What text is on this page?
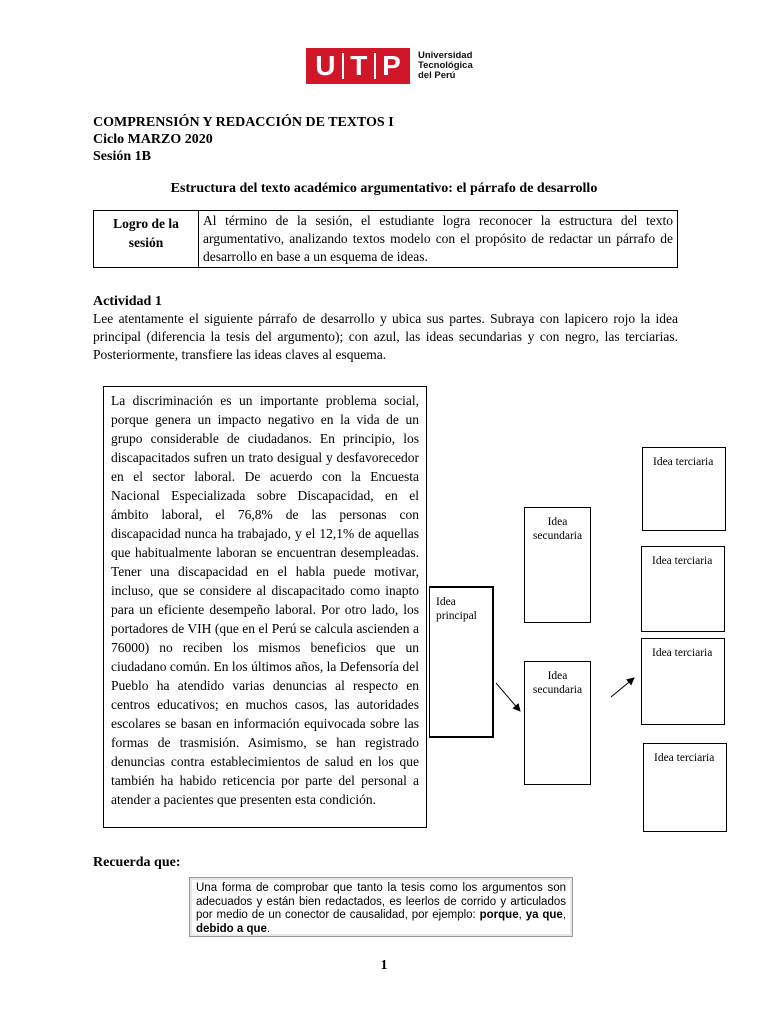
U T P Universidad
Tecnológica
del Perú
COMPRENSIÓN Y REDACCIÓN DE TEXTOS I
Ciclo MARZO 2020
Sesión 1B
Estructura del texto académico argumentativo: el párrafo de desarrollo
Logro de la sesión	Al término de la sesión, el estudiante logra reconocer la estructura del texto argumentativo, analizando textos modelo con el propósito de redactar un párrafo de desarrollo en base a un esquema de ideas.
Actividad 1
Lee atentamente el siguiente párrafo de desarrollo y ubica sus partes. Subraya con lapicero rojo la idea principal (diferencia la tesis del argumento); con azul, las ideas secundarias y con negro, las terciarias. Posteriormente, transfiere las ideas claves al esquema.
La discriminación es un importante problema social, porque genera un impacto negativo en la vida de un grupo considerable de ciudadanos. En principio, los discapacitados sufren un trato desigual y desfavorecedor en el sector laboral. De acuerdo con la Encuesta Nacional Especializada sobre Discapacidad, en el ámbito laboral, el 76,8% de las personas con discapacidad nunca ha trabajado, y el 12,1% de aquellas que habitualmente laboran se encuentran desempleadas. Tener una discapacidad en el habla puede motivar, incluso, que se considere al discapacitado como inapto para un eficiente desempeño laboral. Por otro lado, los portadores de VIH (que en el Perú se calcula ascienden a 76000) no reciben los mismos beneficios que un ciudadano común. En los últimos años, la Defensoría del Pueblo ha atendido varias denuncias al respecto en centros educativos; en muchos casos, las autoridades escolares se basan en información equivocada sobre las formas de trasmisión. Asimismo, se han registrado denuncias contra establecimientos de salud en los que también ha habido reticencia por parte del personal a atender a pacientes que presenten esta condición.
Idea principal
Idea secundaria
Idea secundaria
Idea terciaria
Idea terciaria
Idea terciaria
Idea terciaria
Recuerda que:
Una forma de comprobar que tanto la tesis como los argumentos son adecuados y están bien redactados, es leerlos de corrido y articulados por medio de un conector de causalidad, por ejemplo: porque, ya que, debido a que.
1
